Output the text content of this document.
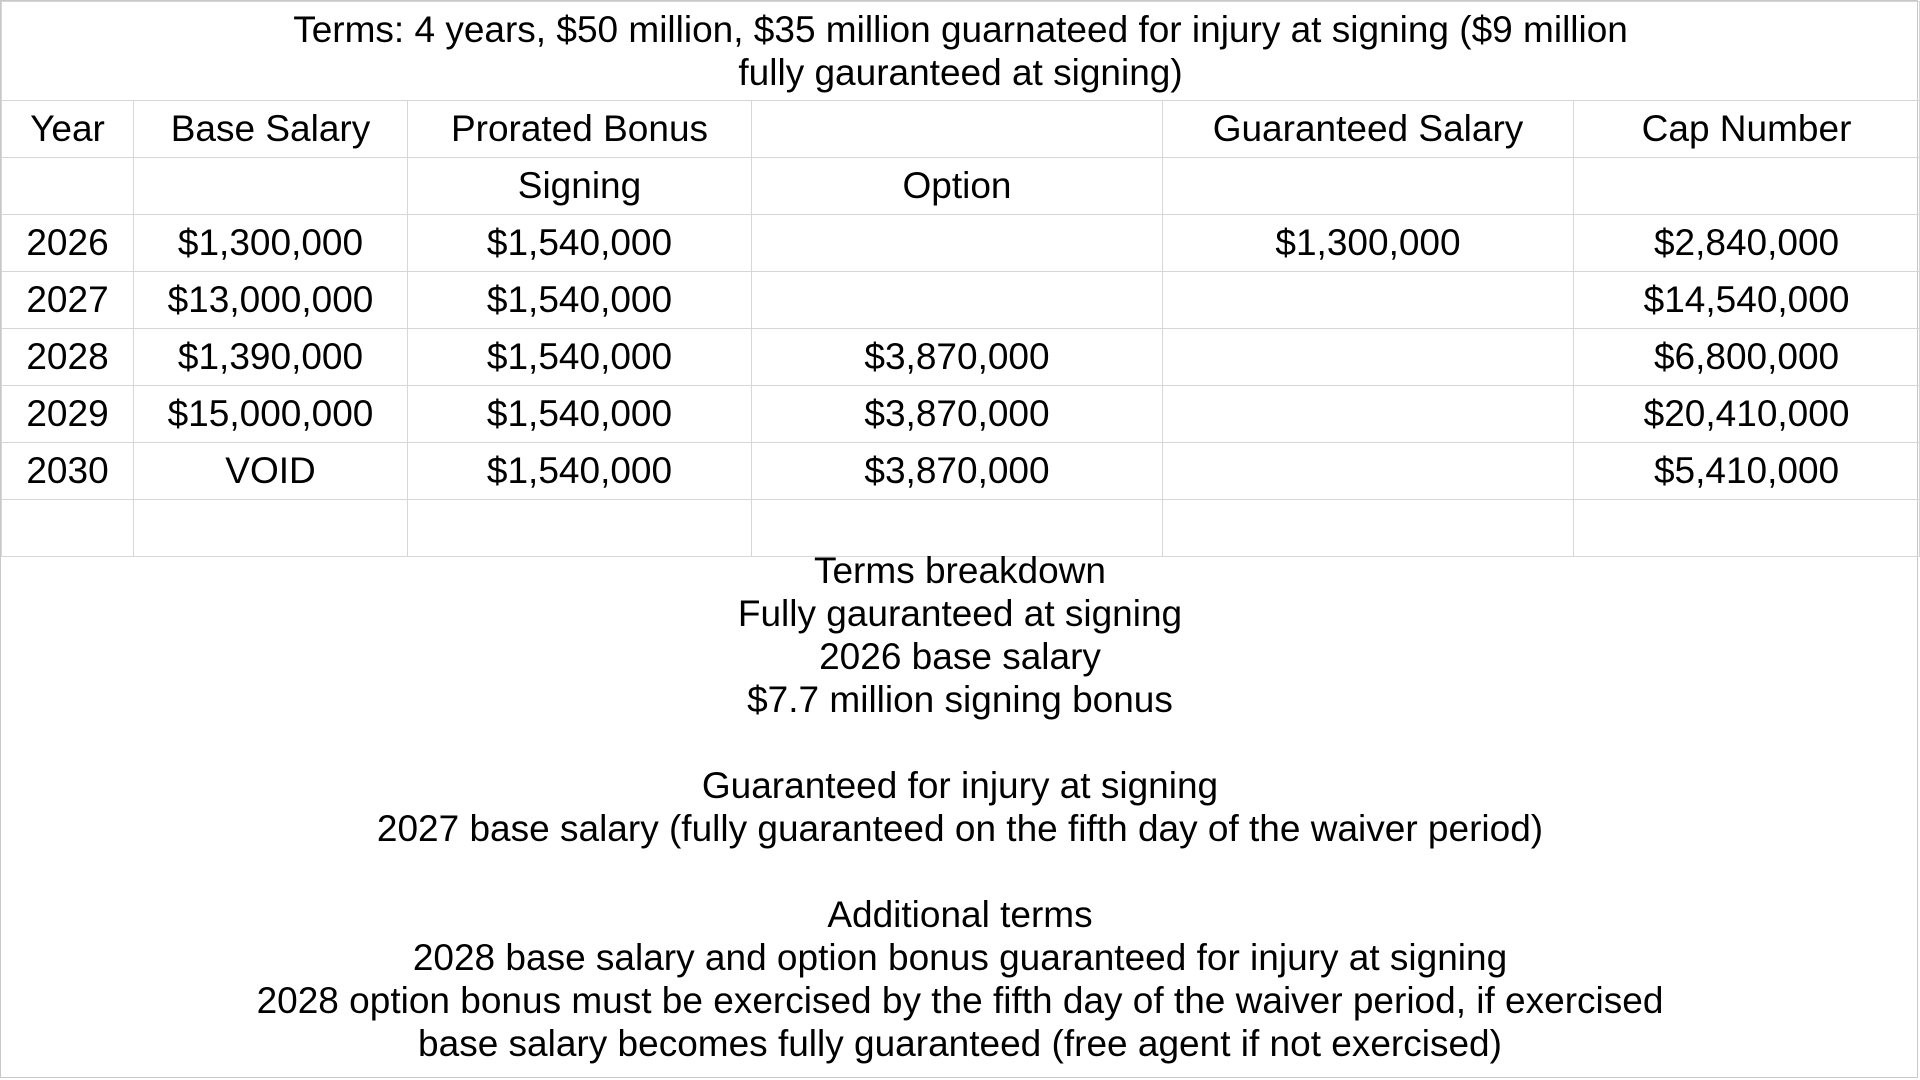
Terms: 4 years, $50 million, $35 million guarnateed for injury at signing ($9 million
fully gauranteed at signing)					
Year	Base Salary	Prorated Bonus		Guaranteed Salary	Cap Number
		Signing	Option		
2026	$1,300,000	$1,540,000		$1,300,000	$2,840,000
2027	$13,000,000	$1,540,000			$14,540,000
2028	$1,390,000	$1,540,000	$3,870,000		$6,800,000
2029	$15,000,000	$1,540,000	$3,870,000		$20,410,000
2030	VOID	$1,540,000	$3,870,000		$5,410,000

Terms breakdown
Fully gauranteed at signing
2026 base salary
$7.7 million signing bonus
Guaranteed for injury at signing
2027 base salary (fully guaranteed on the fifth day of the waiver period)
Additional terms
2028 base salary and option bonus guaranteed for injury at signing
2028 option bonus must be exercised by the fifth day of the waiver period, if exercised
base salary becomes fully guaranteed (free agent if not exercised)
